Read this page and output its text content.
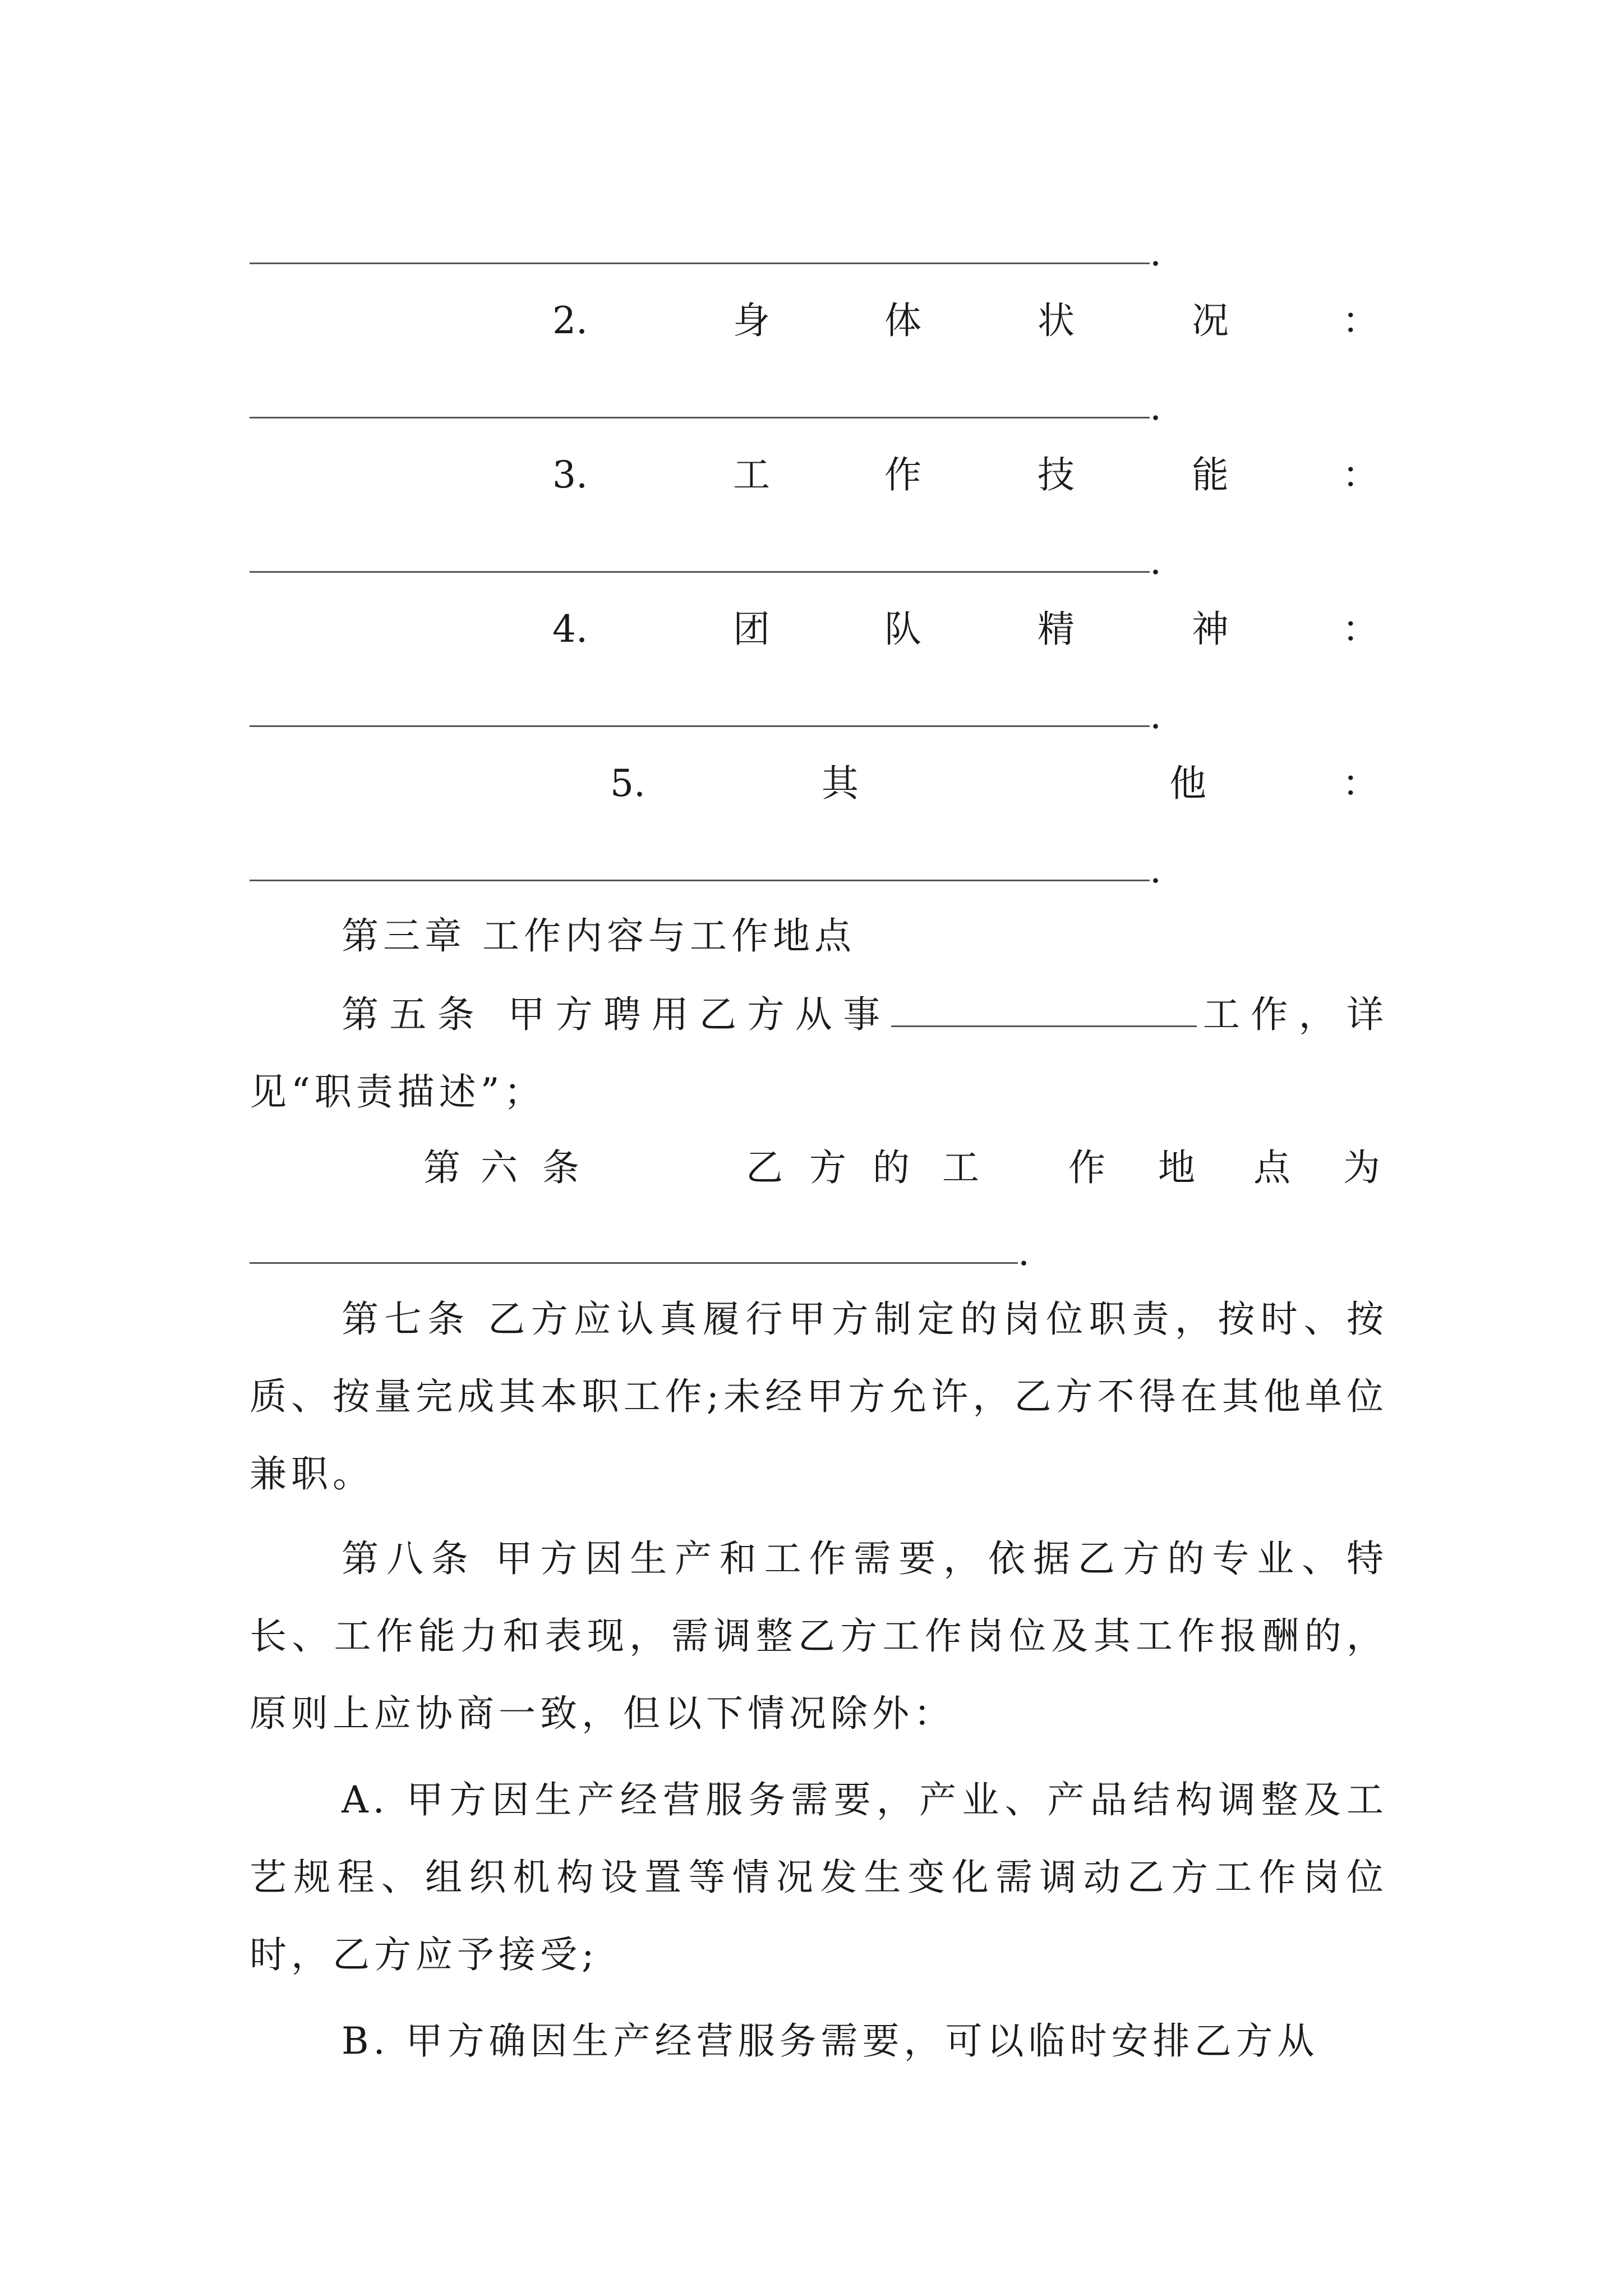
.
2.	身	体	状	况	：
.
3.	工	作	技	能	：
.
4.	团	队	精	神	：
.
5.	其	他	：
.
第三章 工作内容与工作地点
第五条 甲方聘用乙方从事	工作，详见“职责描述”；
第 六 条	乙 方 的 工 作 地 点 为
.
第七条 乙方应认真履行甲方制定的岗位职责，按时、按质、按量完成其本职工作;未经甲方允许，乙方不得在其他单位兼职。
第八条 甲方因生产和工作需要，依据乙方的专业、特长、工作能力和表现，需调整乙方工作岗位及其工作报酬的，原则上应协商一致，但以下情况除外：
A. 甲方因生产经营服务需要，产业、产品结构调整及工艺规程、组织机构设置等情况发生变化需调动乙方工作岗位时，乙方应予接受;
B. 甲方确因生产经营服务需要，可以临时安排乙方从
